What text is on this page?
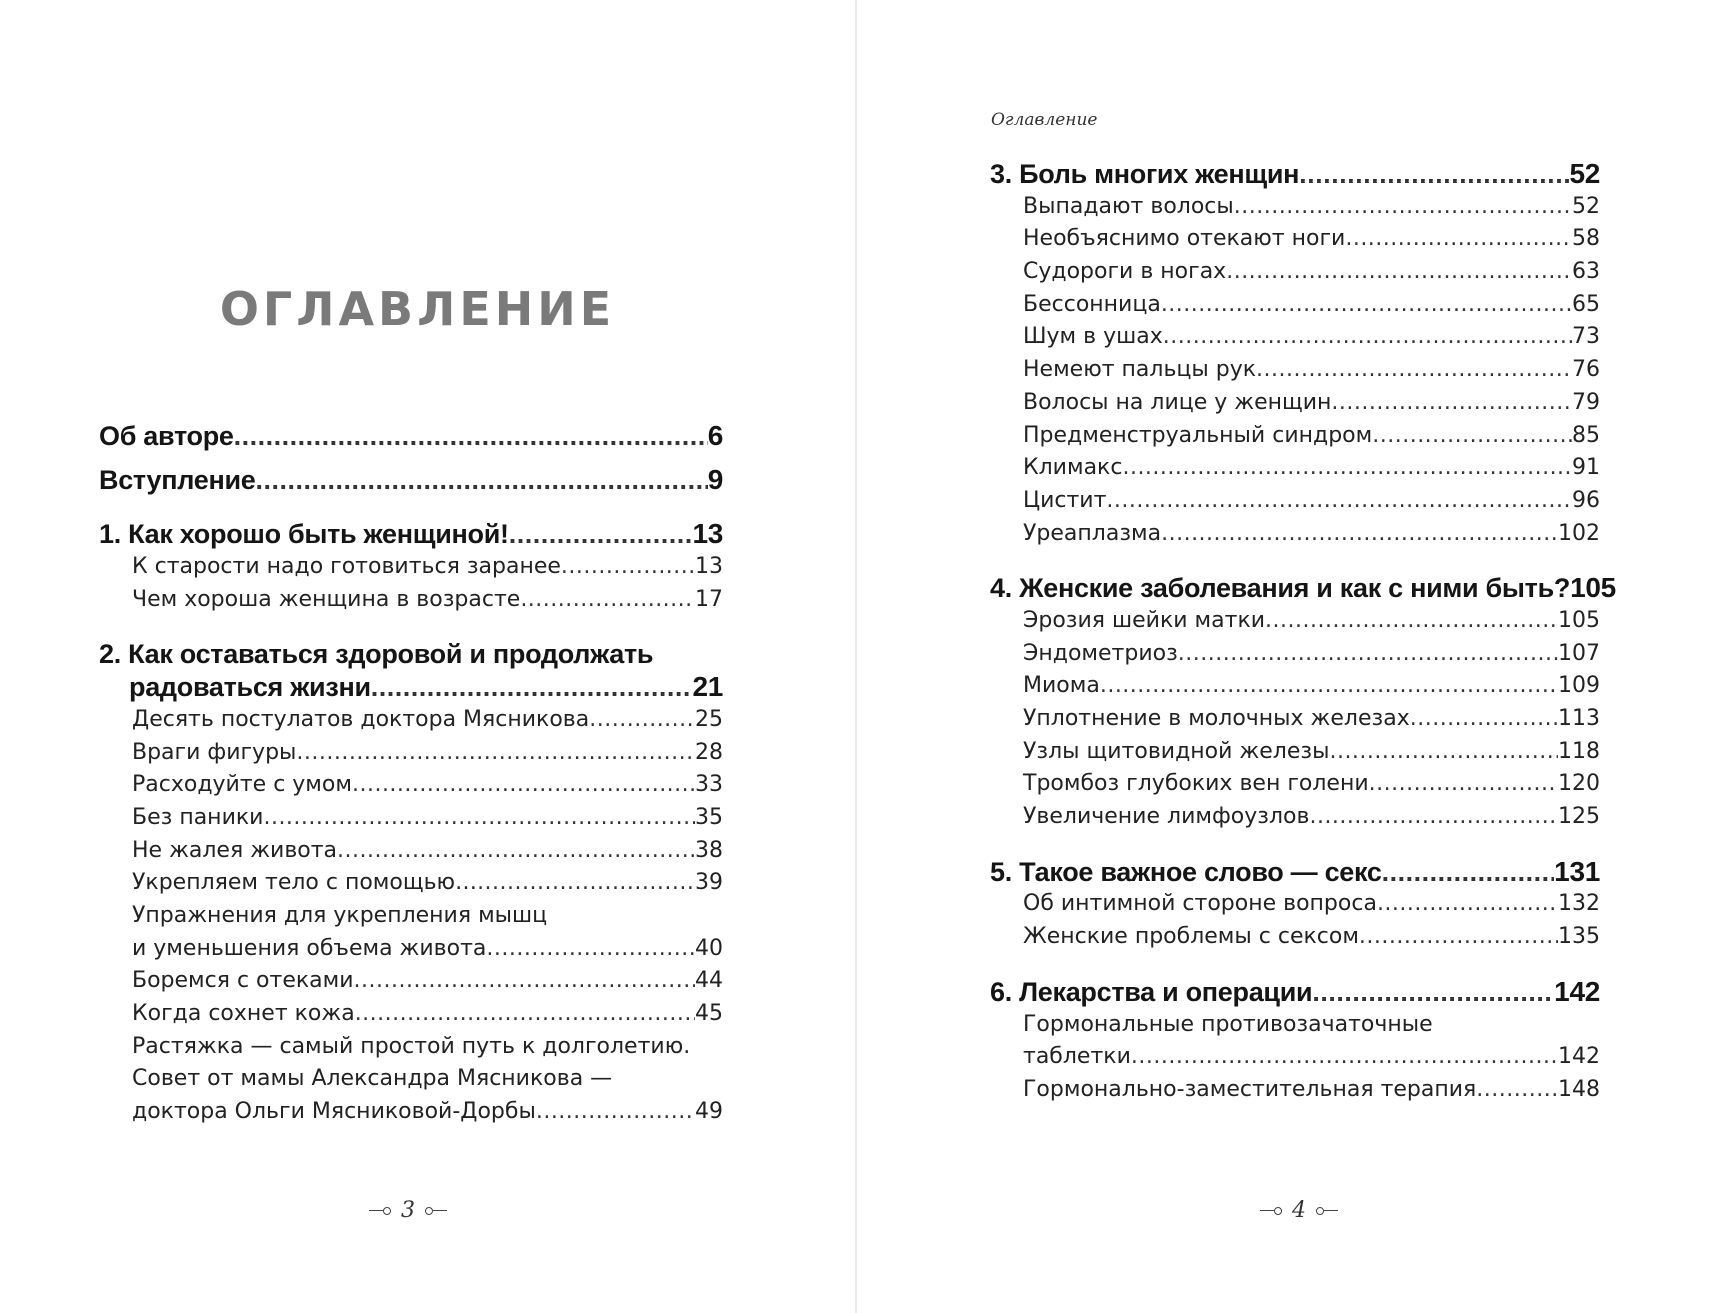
ОГЛАВЛЕНИЕ
Об авторе .....	6
Вступление .....	9
1. Как хорошо быть женщиной! .....	13
К старости надо готовиться заранее .....	13
Чем хороша женщина в возрасте .....	17
2. Как оставаться здоровой и продолжать
радоваться жизни .....	21
Десять постулатов доктора Мясникова .....	25
Враги фигуры .....	28
Расходуйте с умом .....	33
Без паники .....	35
Не жалея живота .....	38
Укрепляем тело с помощью… .....	39
Упражнения для укрепления мышц
и уменьшения объема живота .....	40
Боремся с отеками .....	44
Когда сохнет кожа .....	45
Растяжка — самый простой путь к долголетию.
Совет от мамы Александра Мясникова —
доктора Ольги Мясниковой-Дорбы .....	49
3
Оглавление
3. Боль многих женщин .....	52
Выпадают волосы .....	52
Необъяснимо отекают ноги .....	58
Судороги в ногах .....	63
Бессонница .....	65
Шум в ушах .....	73
Немеют пальцы рук .....	76
Волосы на лице у женщин .....	79
Предменструальный синдром .....	85
Климакс .....	91
Цистит .....	96
Уреаплазма .....	102
4. Женские заболевания и как с ними быть? 105
Эрозия шейки матки .....	105
Эндометриоз .....	107
Миома .....	109
Уплотнение в молочных железах .....	113
Узлы щитовидной железы .....	118
Тромбоз глубоких вен голени .....	120
Увеличение лимфоузлов .....	125
5. Такое важное слово — секс .....	131
Об интимной стороне вопроса .....	132
Женские проблемы с сексом .....	135
6. Лекарства и операции .....	142
Гормональные противозачаточные
таблетки .....	142
Гормонально-заместительная терапия .....	148
4
